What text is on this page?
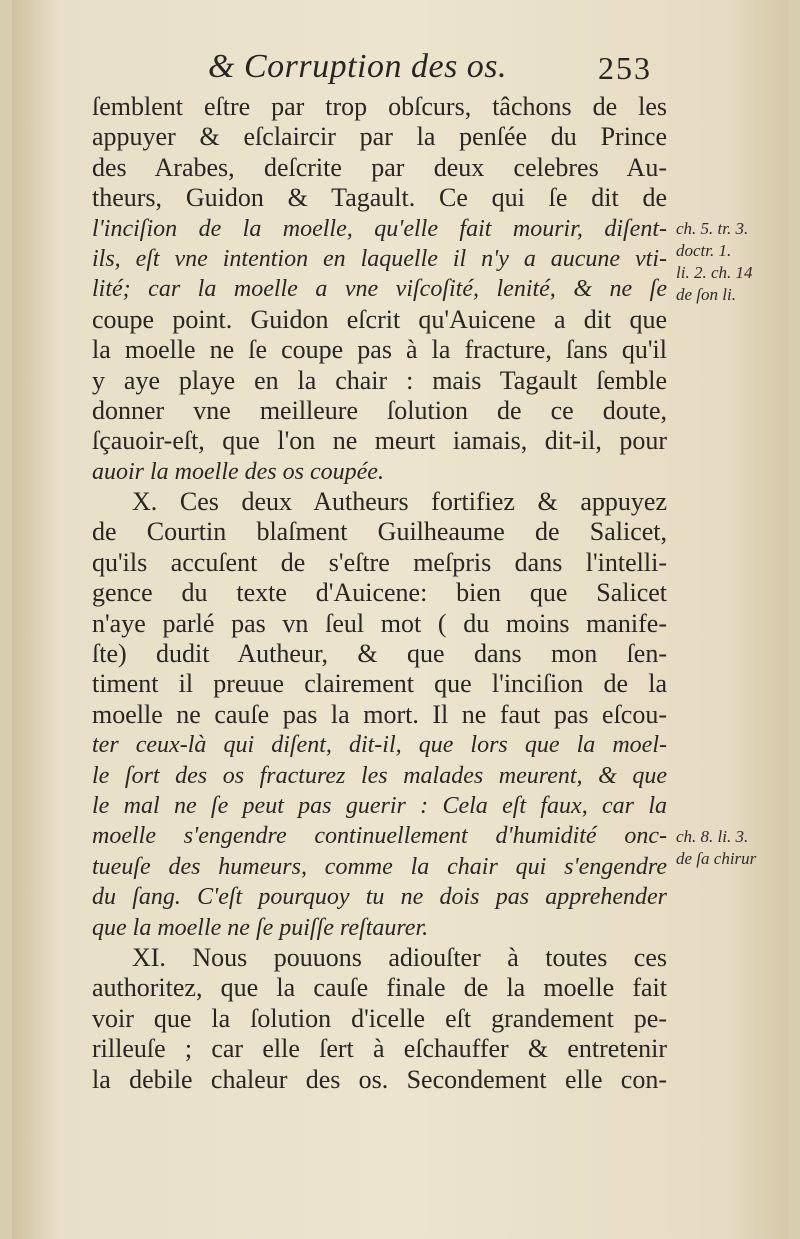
& Corruption des os.	253
ſemblent eſtre par trop obſcurs, tâchons de les
appuyer & eſclaircir par la penſée du Prince
des Arabes, deſcrite par deux celebres Au-
theurs, Guidon & Tagault. Ce qui ſe dit de
l'inciſion de la moelle, qu'elle fait mourir, diſent-
ils, eſt vne intention en laquelle il n'y a aucune vti-
lité; car la moelle a vne viſcoſité, lenité, & ne ſe
coupe point. Guidon eſcrit qu'Auicene a dit que
la moelle ne ſe coupe pas à la fracture, ſans qu'il
y aye playe en la chair : mais Tagault ſemble
donner vne meilleure ſolution de ce doute,
ſçauoir-eſt, que l'on ne meurt iamais, dit-il, pour
auoir la moelle des os coupée.
X. Ces deux Autheurs fortifiez & appuyez
de Courtin blaſment Guilheaume de Salicet,
qu'ils accuſent de s'eſtre meſpris dans l'intelli-
gence du texte d'Auicene: bien que Salicet
n'aye parlé pas vn ſeul mot ( du moins manife-
ſte) dudit Autheur, & que dans mon ſen-
timent il preuue clairement que l'inciſion de la
moelle ne cauſe pas la mort. Il ne faut pas eſcou-
ter ceux-là qui diſent, dit-il, que lors que la moel-
le ſort des os fracturez les malades meurent, & que
le mal ne ſe peut pas guerir : Cela eſt faux, car la
moelle s'engendre continuellement d'humidité onc-
tueuſe des humeurs, comme la chair qui s'engendre
du ſang. C'eſt pourquoy tu ne dois pas apprehender
que la moelle ne ſe puiſſe reſtaurer.
XI. Nous pouuons adiouſter à toutes ces
authoritez, que la cauſe finale de la moelle fait
voir que la ſolution d'icelle eſt grandement pe-
rilleuſe ; car elle ſert à eſchauffer & entretenir
la debile chaleur des os. Secondement elle con-
ch. 5. tr. 3.
doctr. 1.
li. 2. ch. 14
de ſon li.
ch. 8. li. 3.
de ſa chirur
